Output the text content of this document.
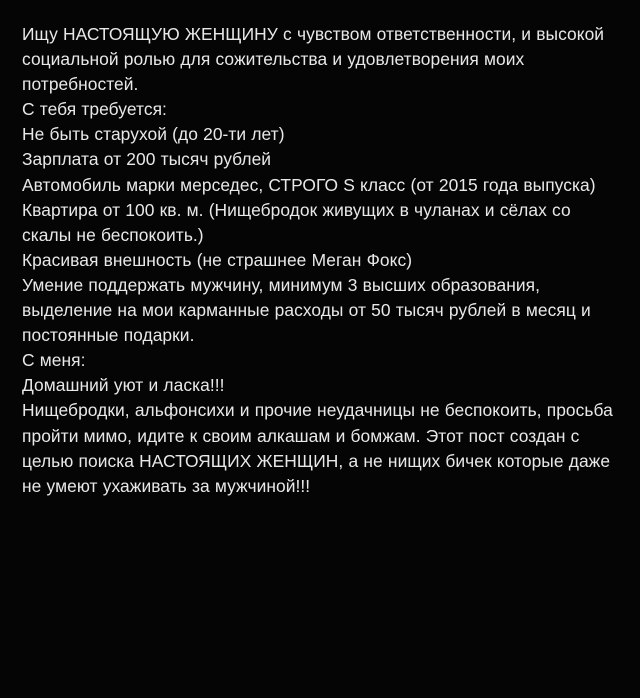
Ищу НАСТОЯЩУЮ ЖЕНЩИНУ с чувством ответственности, и высокой социальной ролью для сожительства и удовлетворения моих потребностей.
С тебя требуется:
Не быть старухой (до 20-ти лет)
Зарплата от 200 тысяч рублей
Автомобиль марки мерседес, СТРОГО S класс (от 2015 года выпуска)
Квартира от 100 кв. м. (Нищебродок живущих в чуланах и сёлах со скалы не беспокоить.)
Красивая внешность (не страшнее Меган Фокс)
Умение поддержать мужчину, минимум 3 высших образования, выделение на мои карманные расходы от 50 тысяч рублей в месяц и постоянные подарки.
С меня:
Домашний уют и ласка!!!
Нищебродки, альфонсихи и прочие неудачницы не беспокоить, просьба пройти мимо, идите к своим алкашам и бомжам. Этот пост создан с целью поиска НАСТОЯЩИХ ЖЕНЩИН, а не нищих бичек которые даже не умеют ухаживать за мужчиной!!!
